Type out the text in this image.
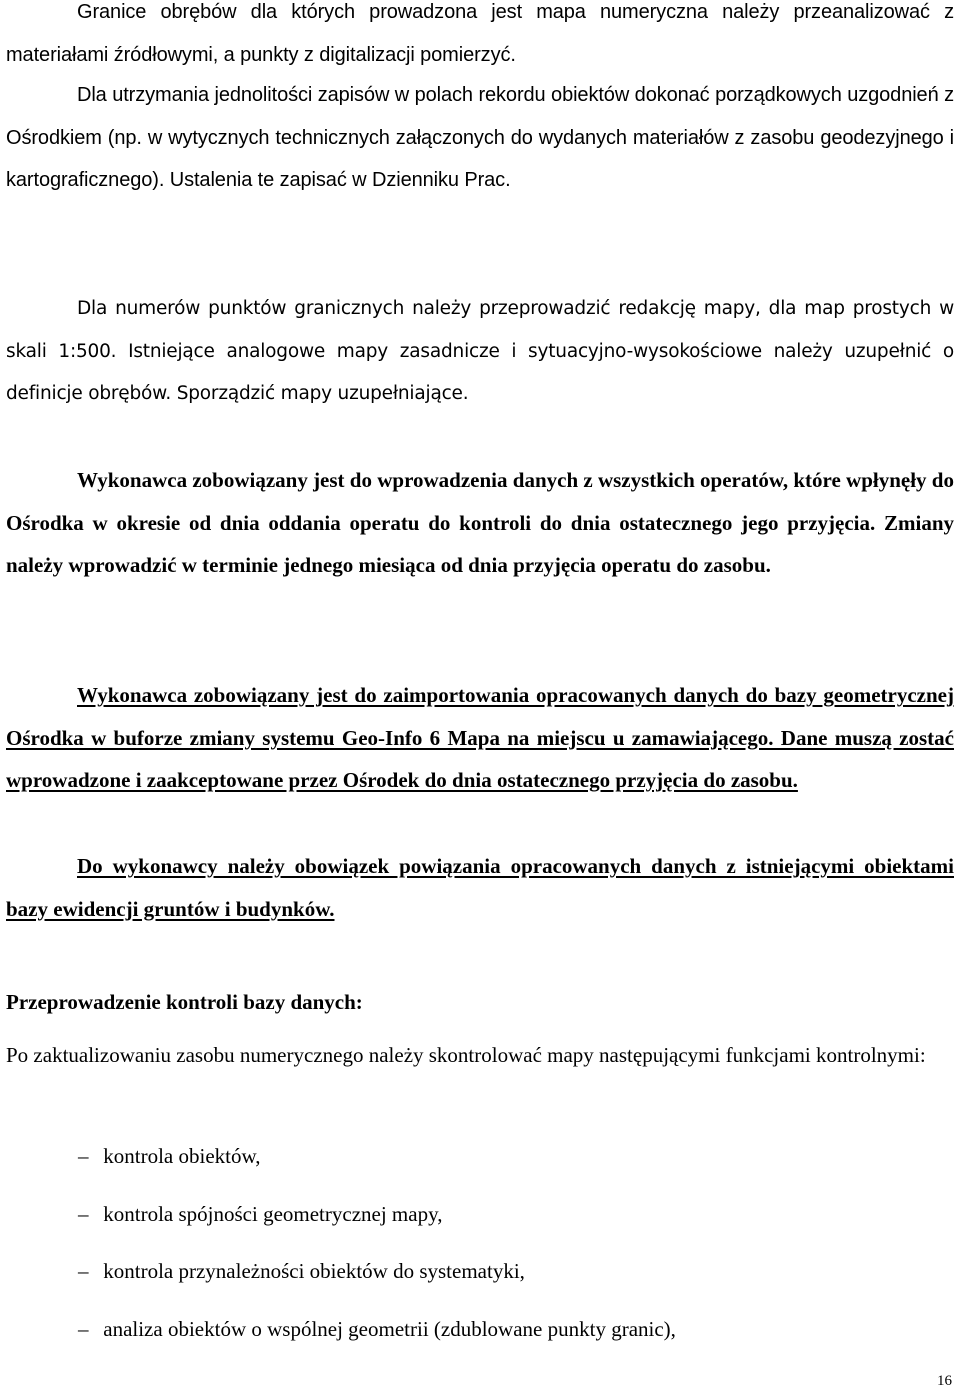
Granice obrębów dla których prowadzona jest mapa numeryczna należy przeanalizować z materiałami źródłowymi, a punkty z digitalizacji pomierzyć.

Dla utrzymania jednolitości zapisów w polach rekordu obiektów dokonać porządkowych uzgodnień z Ośrodkiem (np. w wytycznych technicznych załączonych do wydanych materiałów z zasobu geodezyjnego i kartograficznego). Ustalenia te zapisać w Dzienniku Prac.

Dla numerów punktów granicznych należy przeprowadzić redakcję mapy, dla map prostych w skali 1:500. Istniejące analogowe mapy zasadnicze i sytuacyjno-wysokościowe należy uzupełnić o definicje obrębów. Sporządzić mapy uzupełniające.

Wykonawca zobowiązany jest do wprowadzenia danych z wszystkich operatów, które wpłynęły do Ośrodka w okresie od dnia oddania operatu do kontroli do dnia ostatecznego jego przyjęcia. Zmiany należy wprowadzić w terminie jednego miesiąca od dnia przyjęcia operatu do zasobu.

Wykonawca zobowiązany jest do zaimportowania opracowanych danych do bazy geometrycznej Ośrodka w buforze zmiany systemu Geo-Info 6 Mapa na miejscu u zamawiającego. Dane muszą zostać wprowadzone i zaakceptowane przez Ośrodek do dnia ostatecznego przyjęcia do zasobu.

Do wykonawcy należy obowiązek powiązania opracowanych danych z istniejącymi obiektami bazy ewidencji gruntów i budynków.

Przeprowadzenie kontroli bazy danych:

Po zaktualizowaniu zasobu numerycznego należy skontrolować mapy następującymi funkcjami kontrolnymi:

– kontrola obiektów,
– kontrola spójności geometrycznej mapy,
– kontrola przynależności obiektów do systematyki,
– analiza obiektów o wspólnej geometrii (zdublowane punkty granic),

16
